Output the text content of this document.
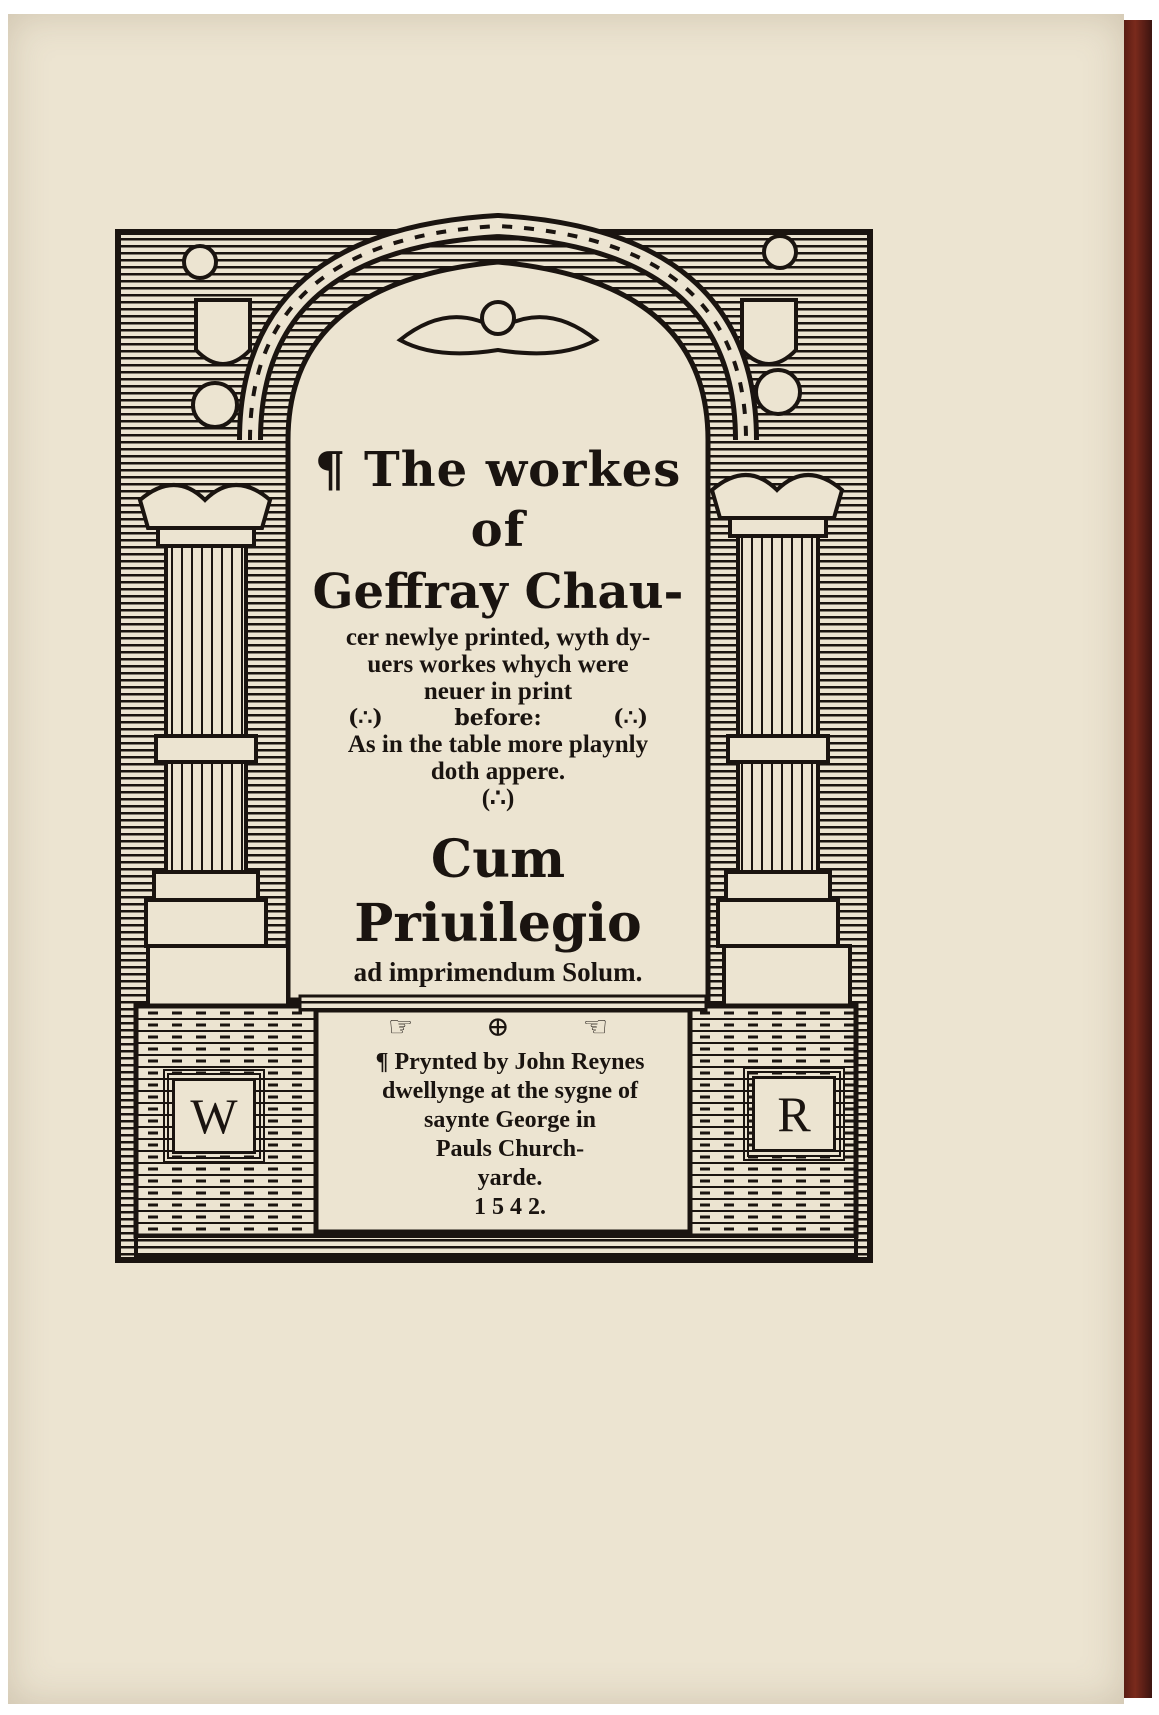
¶ The workes of
Geffray Chau-
cer newlye printed, wyth dy-
uers workes whych were
neuer in print
(∴)	before:	(∴)
As in the table more playnly
doth appere.
(∴)
Cum Priuilegio
ad imprimendum Solum.
☞	⊕	☜
¶ Prynted by John Reynes
dwellynge at the sygne of
saynte George in
Pauls Church-
yarde.
1 5 4 2.
W	R
